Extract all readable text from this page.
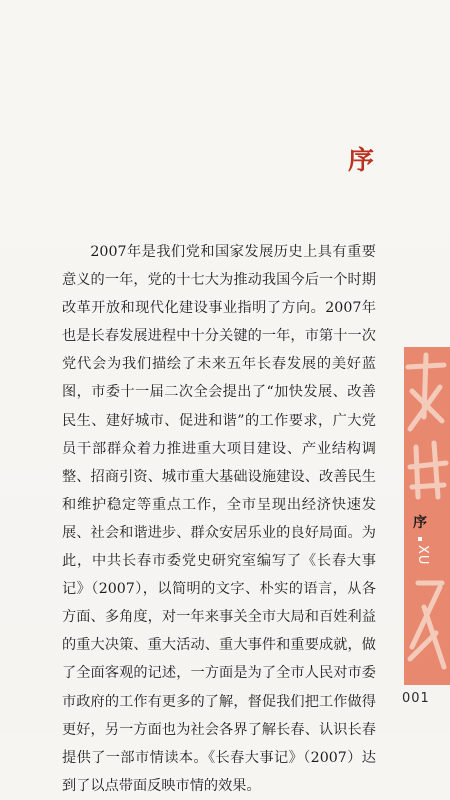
序

2007年是我们党和国家发展历史上具有重要意义的一年，党的十七大为推动我国今后一个时期改革开放和现代化建设事业指明了方向。2007年也是长春发展进程中十分关键的一年，市第十一次党代会为我们描绘了未来五年长春发展的美好蓝图，市委十一届二次全会提出了“加快发展、改善民生、建好城市、促进和谐”的工作要求，广大党员干部群众着力推进重大项目建设、产业结构调整、招商引资、城市重大基础设施建设、改善民生和维护稳定等重点工作，全市呈现出经济快速发展、社会和谐进步、群众安居乐业的良好局面。为此，中共长春市委党史研究室编写了《长春大事记》（2007），以简明的文字、朴实的语言，从各方面、多角度，对一年来事关全市大局和百姓利益的重大决策、重大活动、重大事件和重要成就，做了全面客观的记述，一方面是为了全市人民对市委市政府的工作有更多的了解，督促我们把工作做得更好，另一方面也为社会各界了解长春、认识长春提供了一部市情读本。《长春大事记》（2007）达到了以点带面反映市情的效果。

序
XU
001
